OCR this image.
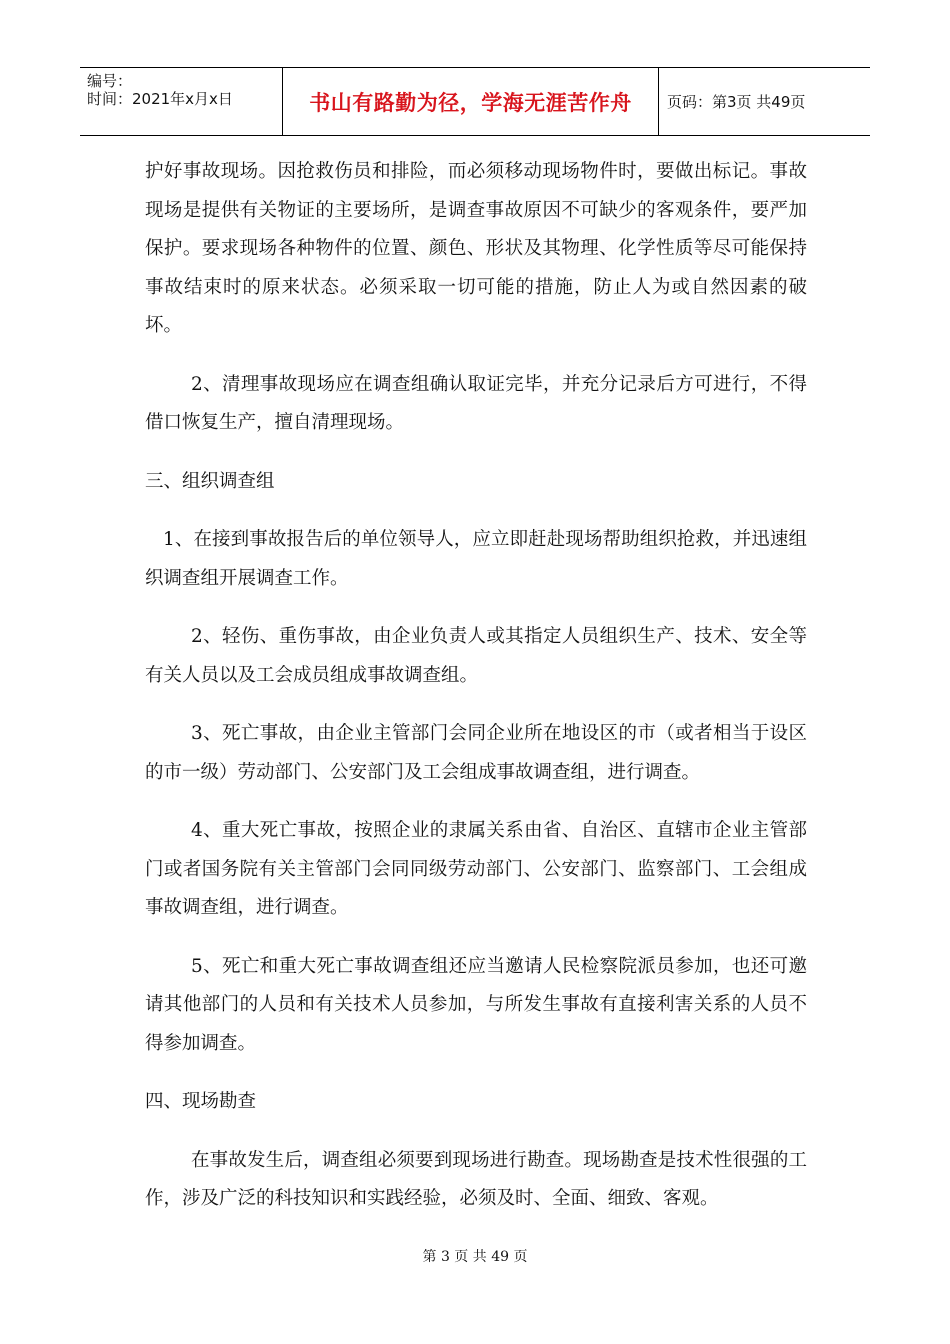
编号：
时间：2021年x月x日	书山有路勤为径，学海无涯苦作舟	页码：第3页 共49页

护好事故现场。因抢救伤员和排险，而必须移动现场物件时，要做出标记。事故现场是提供有关物证的主要场所，是调查事故原因不可缺少的客观条件，要严加保护。要求现场各种物件的位置、颜色、形状及其物理、化学性质等尽可能保持事故结束时的原来状态。必须采取一切可能的措施，防止人为或自然因素的破坏。

2、清理事故现场应在调查组确认取证完毕，并充分记录后方可进行，不得借口恢复生产，擅自清理现场。

三、组织调查组

1、在接到事故报告后的单位领导人，应立即赶赴现场帮助组织抢救，并迅速组织调查组开展调查工作。

2、轻伤、重伤事故，由企业负责人或其指定人员组织生产、技术、安全等有关人员以及工会成员组成事故调查组。

3、死亡事故，由企业主管部门会同企业所在地设区的市（或者相当于设区的市一级）劳动部门、公安部门及工会组成事故调查组，进行调查。

4、重大死亡事故，按照企业的隶属关系由省、自治区、直辖市企业主管部门或者国务院有关主管部门会同同级劳动部门、公安部门、监察部门、工会组成事故调查组，进行调查。

5、死亡和重大死亡事故调查组还应当邀请人民检察院派员参加，也还可邀请其他部门的人员和有关技术人员参加，与所发生事故有直接利害关系的人员不得参加调查。

四、现场勘查

在事故发生后，调查组必须要到现场进行勘查。现场勘查是技术性很强的工作，涉及广泛的科技知识和实践经验，必须及时、全面、细致、客观。

第 3 页 共 49 页
